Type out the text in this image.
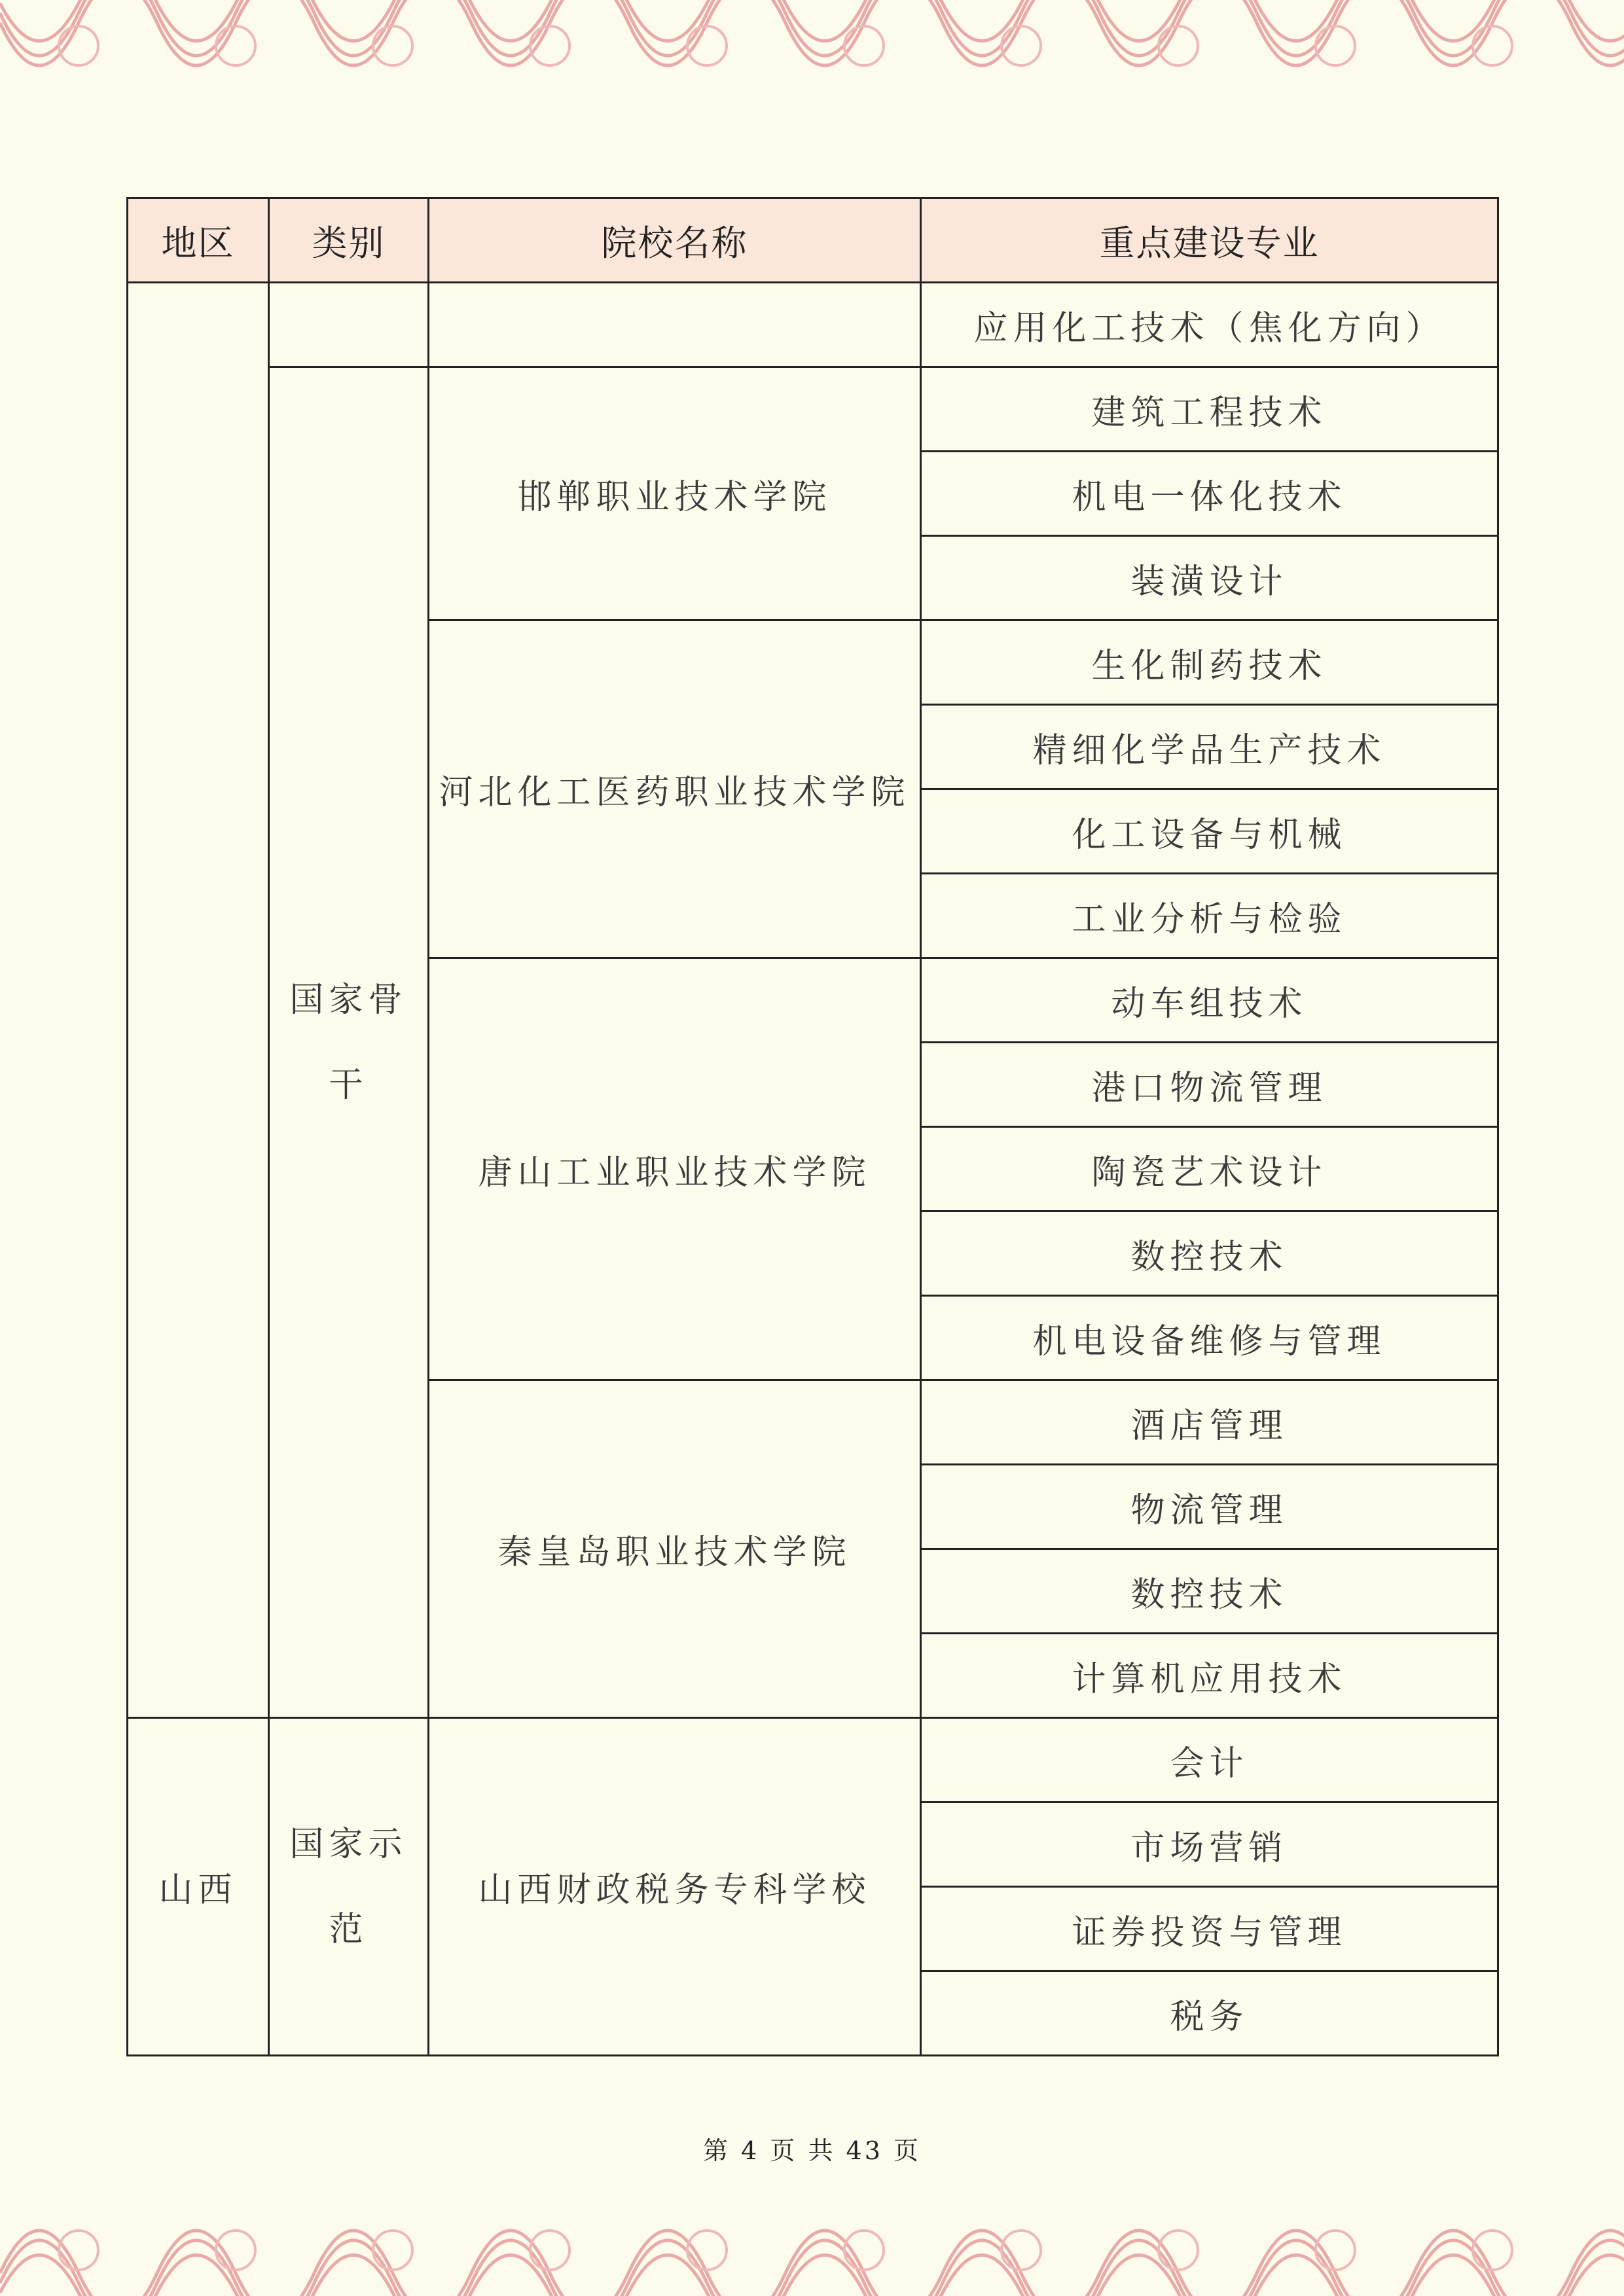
地区	类别	院校名称	重点建设专业
			应用化工技术（焦化方向）
	国家骨干	邯郸职业技术学院	建筑工程技术
			机电一体化技术
			装潢设计
		河北化工医药职业技术学院	生化制药技术
			精细化学品生产技术
			化工设备与机械
			工业分析与检验
		唐山工业职业技术学院	动车组技术
			港口物流管理
			陶瓷艺术设计
			数控技术
			机电设备维修与管理
		秦皇岛职业技术学院	酒店管理
			物流管理
			数控技术
			计算机应用技术
山西	国家示范	山西财政税务专科学校	会计
			市场营销
			证券投资与管理
			税务
第 4 页 共 43 页
